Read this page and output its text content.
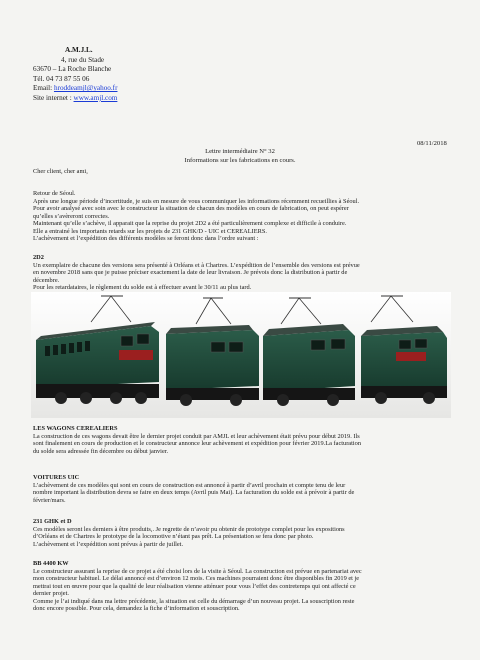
A.M.J.L.
4, rue du Stade
63670 – La Roche Blanche
Tél. 04 73 87 55 06
Email: hroddeamjl@yahoo.fr
Site internet : www.amjl.com
08/11/2018
Lettre intermédiaire N° 32
Informations sur les fabrications en cours.

Cher client, cher ami,

Retour de Séoul.

Après une longue période d’incertitude, je suis en mesure de vous communiquer les informations récemment recueillies à Séoul.

Pour avoir analysé avec soin avec le constructeur la situation de chacun des modèles en cours de fabrication, on peut espérer

qu’elles s’avèreront correctes.

Maintenant qu’elle s’achève, il apparait que la reprise du projet 2D2 a été particulièrement complexe et difficile à conduire.

Elle a entrainé les importants retards sur les projets de 231 GHK/D - UIC et CEREALIERS.

L’achèvement et l’expédition des différents modèles se feront donc dans l’ordre suivant :

2D2

Un exemplaire de chacune des versions sera présenté à Orléans et à Chartres. L’expédition de l’ensemble des versions est prévue

en novembre 2018 sans que je puisse préciser exactement la date de leur livraison. Je prévois donc la distribution à partir de

décembre.

Pour les retardataires, le règlement du solde est à effectuer avant le 30/11 au plus tard.

LES WAGONS CEREALIERS

La construction de ces wagons devait être le dernier projet conduit par AMJL et leur achèvement était prévu pour début 2019. Ils

sont finalement en cours de production et le constructeur annonce leur achèvement et expédition pour février 2019.La facturation

du solde sera adressée fin décembre ou début janvier.

VOITURES UIC

L’achèvement de ces modèles qui sont en cours de construction est annoncé à partir d’avril prochain et compte tenu de leur

nombre important la distribution devra se faire en deux temps (Avril puis Mai). La facturation du solde est à prévoir à partir de

février/mars.

231 GHK et D

Ces modèles seront les derniers à être produits,. Je regrette de n’avoir pu obtenir de prototype complet pour les expositions

d’Orléans et de Chartres le prototype de la locomotive n’étant pas prêt. La présentation se fera donc par photo.

L’achèvement et l’expédition sont prévus à partir de juillet.

BB 4400 KW

Le constructeur assurant la reprise de ce projet a été choisi lors de la visite à Séoul. La construction est prévue en partenariat avec

mon constructeur habituel. Le délai annoncé est d’environ 12 mois. Ces machines pourraient donc être disponibles fin 2019 et je

mettrai tout en œuvre pour que la qualité de leur réalisation vienne atténuer pour vous l’effet des contretemps qui ont affecté ce

dernier projet.

Comme je l’ai indiqué dans ma lettre précédente, la situation est celle du démarrage d’un nouveau projet. La souscription reste

donc encore possible. Pour cela, demandez la fiche d’information et souscription.
